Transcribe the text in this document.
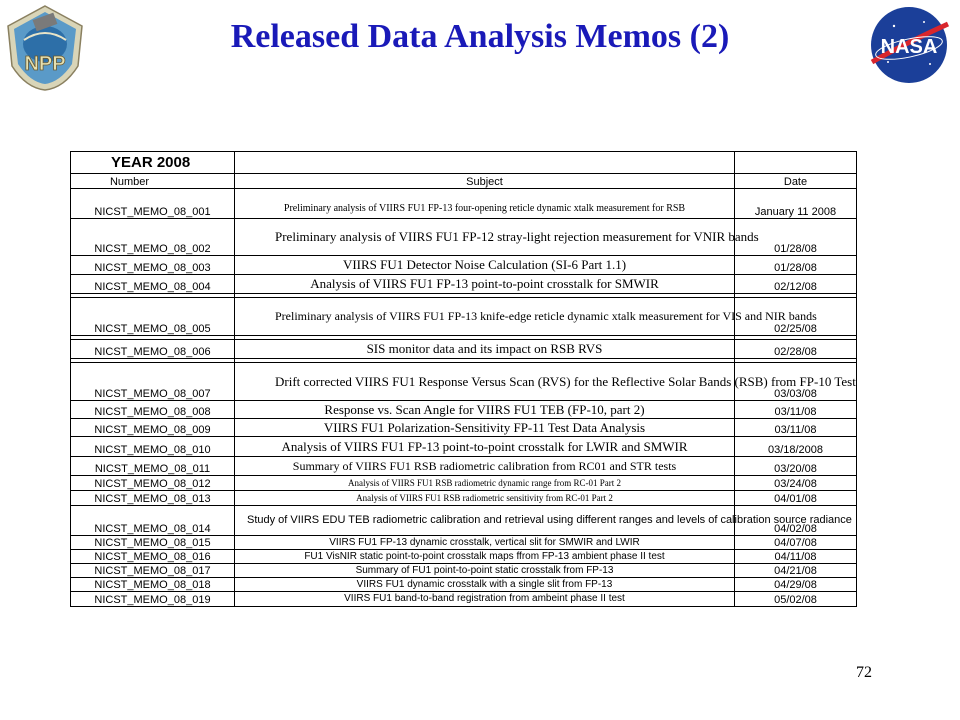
NPP
NASA
Released Data Analysis Memos (2)
YEAR 2008		
Number	Subject	Date
NICST_MEMO_08_001	Preliminary analysis of VIIRS FU1 FP-13 four-opening reticle dynamic xtalk measurement for RSB	January 11 2008
NICST_MEMO_08_002	Preliminary analysis of VIIRS FU1 FP-12 stray-light rejection measurement for VNIR bands	01/28/08
NICST_MEMO_08_003	VIIRS FU1 Detector Noise Calculation (SI-6 Part 1.1)	01/28/08
NICST_MEMO_08_004	Analysis of VIIRS FU1 FP-13 point-to-point crosstalk for SMWIR	02/12/08

NICST_MEMO_08_005	Preliminary analysis of VIIRS FU1 FP-13 knife-edge reticle dynamic xtalk measurement for VIS and NIR bands	02/25/08

NICST_MEMO_08_006	SIS monitor data and its impact on RSB RVS	02/28/08

NICST_MEMO_08_007	Drift corrected VIIRS FU1 Response Versus Scan (RVS) for the Reflective Solar Bands (RSB) from FP-10 Test	03/03/08
NICST_MEMO_08_008	Response vs. Scan Angle for VIIRS FU1 TEB (FP-10, part 2)	03/11/08
NICST_MEMO_08_009	VIIRS FU1 Polarization-Sensitivity FP-11 Test Data Analysis	03/11/08
NICST_MEMO_08_010	Analysis of VIIRS FU1 FP-13 point-to-point crosstalk for LWIR and SMWIR	03/18/2008
NICST_MEMO_08_011	Summary of VIIRS FU1 RSB radiometric calibration from RC01 and STR tests	03/20/08
NICST_MEMO_08_012	Analysis of VIIRS FU1 RSB radiometric dynamic range from RC-01 Part 2	03/24/08
NICST_MEMO_08_013	Analysis of VIIRS FU1 RSB radiometric sensitivity from RC-01 Part 2	04/01/08
NICST_MEMO_08_014	Study of VIIRS EDU TEB radiometric calibration and retrieval using different ranges and levels of calibration source radiance	04/02/08
NICST_MEMO_08_015	VIIRS FU1 FP-13 dynamic crosstalk, vertical slit for SMWIR and LWIR	04/07/08
NICST_MEMO_08_016	FU1 VisNIR static point-to-point crosstalk maps ffrom FP-13 ambient phase II test	04/11/08
NICST_MEMO_08_017	Summary of FU1 point-to-point static crosstalk from FP-13	04/21/08
NICST_MEMO_08_018	VIIRS FU1 dynamic crosstalk with a single slit from FP-13	04/29/08
NICST_MEMO_08_019	VIIRS FU1 band-to-band registration from ambeint phase II test	05/02/08
72
